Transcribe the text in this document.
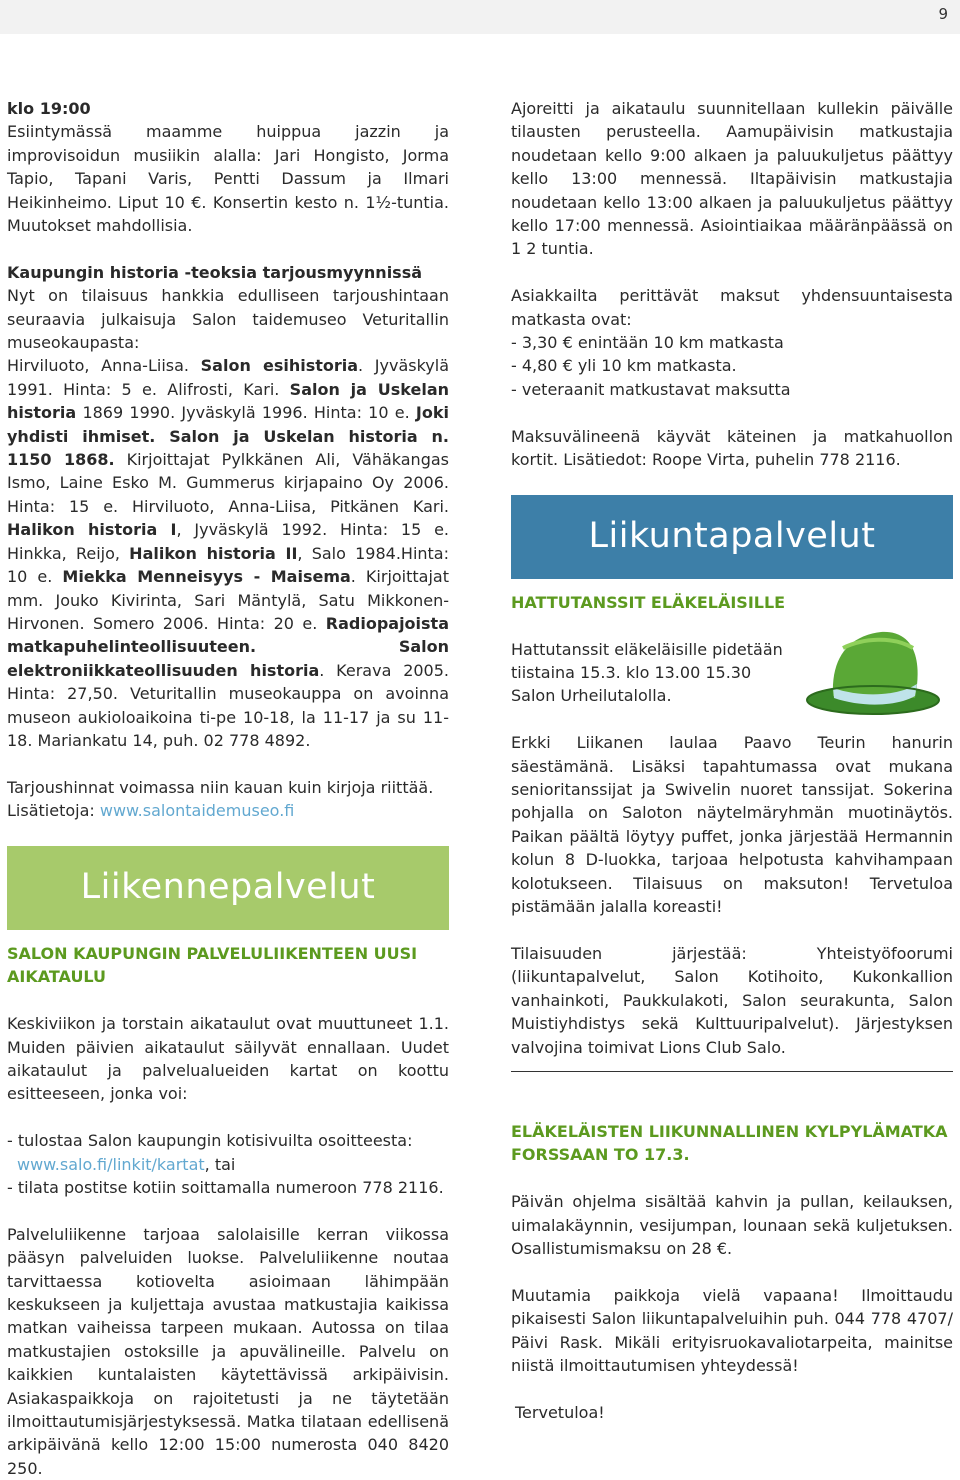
9

klo 19:00

Esiintymässä maamme huippua jazzin ja improvisoidun musiikin alalla: Jari Hongisto, Jorma Tapio, Tapani Varis, Pentti Dassum ja Ilmari Heikinheimo. Liput 10 €. Konsertin kesto n. 1½-tuntia. Muutokset mahdollisia.

Kaupungin historia -teoksia tarjousmyynnissä

Nyt on tilaisuus hankkia edulliseen tarjoushintaan seuraavia julkaisuja Salon taidemuseo Veturitallin museokaupasta:

Hirviluoto, Anna-Liisa. Salon esihistoria. Jyväskylä 1991. Hinta: 5 e. Alifrosti, Kari. Salon ja Uskelan historia 1869 1990. Jyväskylä 1996. Hinta: 10 e. Joki yhdisti ihmiset. Salon ja Uskelan historia n. 1150 1868. Kirjoittajat Pylkkänen Ali, Vähäkangas Ismo, Laine Esko M. Gummerus kirjapaino Oy 2006. Hinta: 15 e. Hirviluoto, Anna-Liisa, Pitkänen Kari. Halikon historia I, Jyväskylä 1992. Hinta: 15 e. Hinkka, Reijo, Halikon historia II, Salo 1984.Hinta: 10 e. Miekka Menneisyys - Maisema. Kirjoittajat mm. Jouko Kivirinta, Sari Mäntylä, Satu Mikkonen-Hirvonen. Somero 2006. Hinta: 20 e. Radiopajoista matkapuhelinteollisuuteen. Salon elektroniikkateollisuuden historia. Kerava 2005. Hinta: 27,50. Veturitallin museokauppa on avoinna museon aukioloaikoina ti-pe 10-18, la 11-17 ja su 11-18. Mariankatu 14, puh. 02 778 4892.

Tarjoushinnat voimassa niin kauan kuin kirjoja riittää.

Lisätietoja: www.salontaidemuseo.fi

Liikennepalvelut

SALON KAUPUNGIN PALVELULIIKENTEEN UUSI AIKATAULU

Keskiviikon ja torstain aikataulut ovat muuttuneet 1.1. Muiden päivien aikataulut säilyvät ennallaan. Uudet aikataulut ja palvelualueiden kartat on koottu esitteeseen, jonka voi:

- tulostaa Salon kaupungin kotisivuilta osoitteesta:

www.salo.fi/linkit/kartat, tai

- tilata postitse kotiin soittamalla numeroon 778 2116.

Palveluliikenne tarjoaa salolaisille kerran viikossa pääsyn palveluiden luokse. Palveluliikenne noutaa tarvittaessa kotiovelta asioimaan lähimpään keskukseen ja kuljettaja avustaa matkustajia kaikissa matkan vaiheissa tarpeen mukaan. Autossa on tilaa matkustajien ostoksille ja apuvälineille. Palvelu on kaikkien kuntalaisten käytettävissä arkipäivisin. Asiakaspaikkoja on rajoitetusti ja ne täytetään ilmoittautumisjärjestyksessä. Matka tilataan edellisenä arkipäivänä kello 12:00 15:00 numerosta 040 8420 250.

Ajoreitti ja aikataulu suunnitellaan kullekin päivälle tilausten perusteella. Aamupäivisin matkustajia noudetaan kello 9:00 alkaen ja paluukuljetus päättyy kello 13:00 mennessä. Iltapäivisin matkustajia noudetaan kello 13:00 alkaen ja paluukuljetus päättyy kello 17:00 mennessä. Asiointiaikaa määränpäässä on 1 2 tuntia.

Asiakkailta perittävät maksut yhdensuuntaisesta matkasta ovat:

- 3,30 € enintään 10 km matkasta

- 4,80 € yli 10 km matkasta.

- veteraanit matkustavat maksutta

Maksuvälineenä käyvät käteinen ja matkahuollon kortit. Lisätiedot: Roope Virta, puhelin 778 2116.

Liikuntapalvelut

HATTUTANSSIT ELÄKELÄISILLE

Hattutanssit eläkeläisille pidetään tiistaina 15.3. klo 13.00 15.30 Salon Urheilutalolla.

Erkki Liikanen laulaa Paavo Teurin hanurin säestämänä. Lisäksi tapahtumassa ovat mukana senioritanssijat ja Swivelin nuoret tanssijat. Sokerina pohjalla on Saloton näytelmäryhmän muotinäytös. Paikan päältä löytyy puffet, jonka järjestää Hermannin kolun 8 D-luokka, tarjoaa helpotusta kahvihampaan kolotukseen. Tilaisuus on maksuton! Tervetuloa pistämään jalalla koreasti!

Tilaisuuden järjestää: Yhteistyöfoorumi (liikuntapalvelut, Salon Kotihoito, Kukonkallion vanhainkoti, Paukkulakoti, Salon seurakunta, Salon Muistiyhdistys sekä Kulttuuripalvelut). Järjestyksen valvojina toimivat Lions Club Salo.

ELÄKELÄISTEN LIIKUNNALLINEN KYLPYLÄMATKA FORSSAAN TO 17.3.

Päivän ohjelma sisältää kahvin ja pullan, keilauksen, uimalakäynnin, vesijumpan, lounaan sekä kuljetuksen. Osallistumismaksu on 28 €.

Muutamia paikkoja vielä vapaana! Ilmoittaudu pikaisesti Salon liikuntapalveluihin puh. 044 778 4707/ Päivi Rask. Mikäli erityisruokavaliotarpeita, mainitse niistä ilmoittautumisen yhteydessä!

Tervetuloa!
